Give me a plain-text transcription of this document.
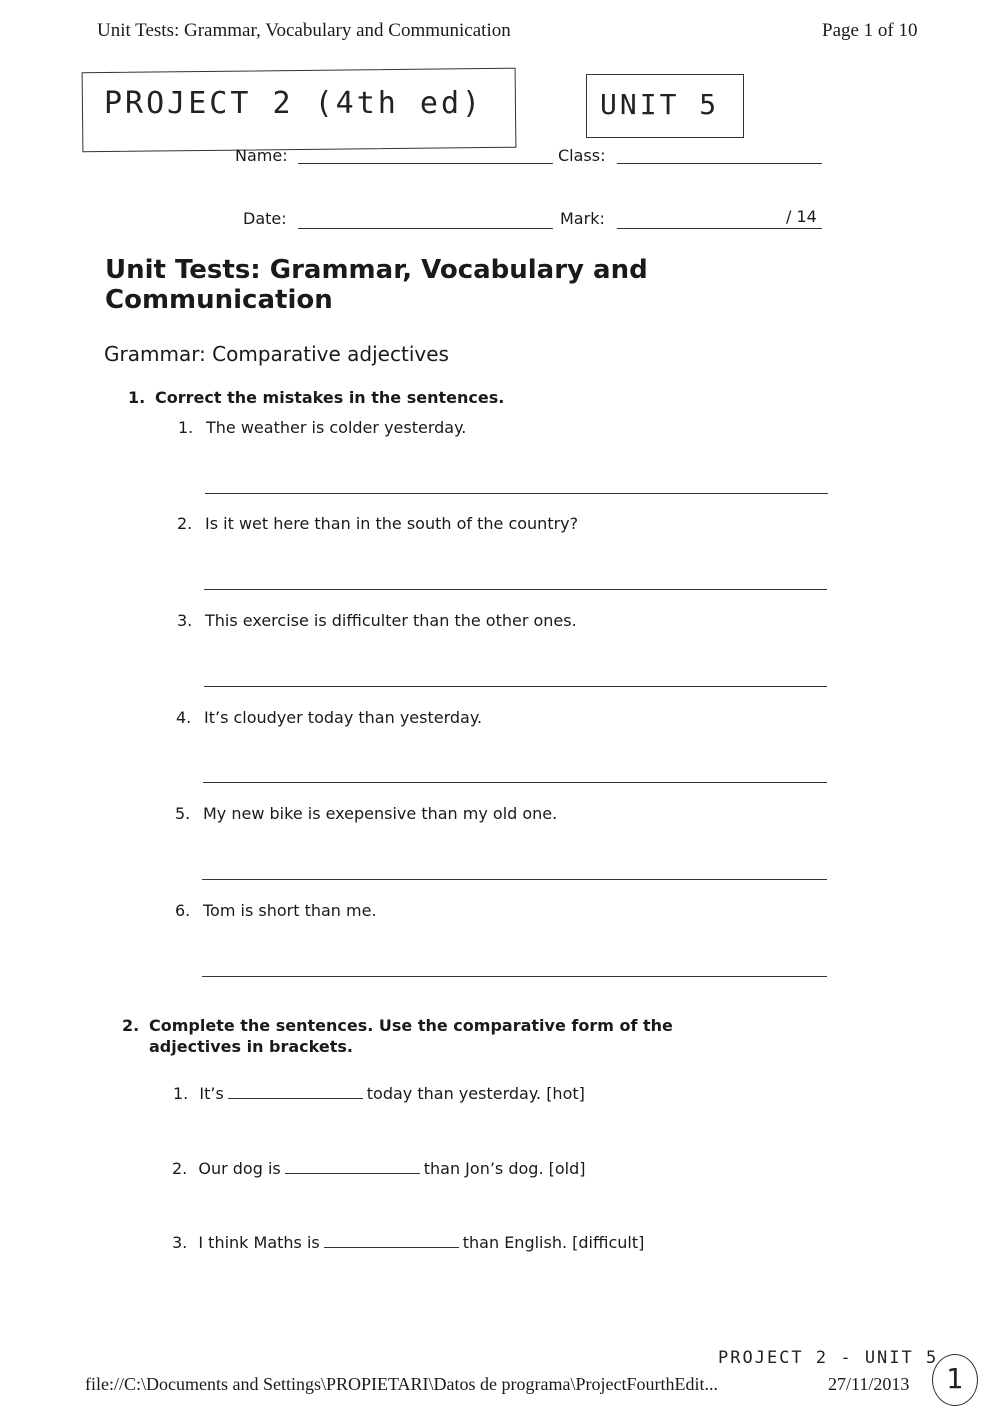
Unit Tests: Grammar, Vocabulary and Communication	Page 1 of 10
PROJECT 2 (4th ed)	UNIT 5
Name:	Class:
Date:	Mark:	/ 14
Unit Tests: Grammar, Vocabulary and Communication
Grammar: Comparative adjectives
1. Correct the mistakes in the sentences.
1. The weather is colder yesterday.
2. Is it wet here than in the south of the country?
3. This exercise is difficulter than the other ones.
4. It’s cloudyer today than yesterday.
5. My new bike is exepensive than my old one.
6. Tom is short than me.
2. Complete the sentences. Use the comparative form of the
adjectives in brackets.
1. It’s	today than yesterday. [hot]
2. Our dog is	than Jon’s dog. [old]
3. I think Maths is	than English. [difficult]
PROJECT 2 - UNIT 5
file://C:\Documents and Settings\PROPIETARI\Datos de programa\ProjectFourthEdit...	27/11/2013 1
